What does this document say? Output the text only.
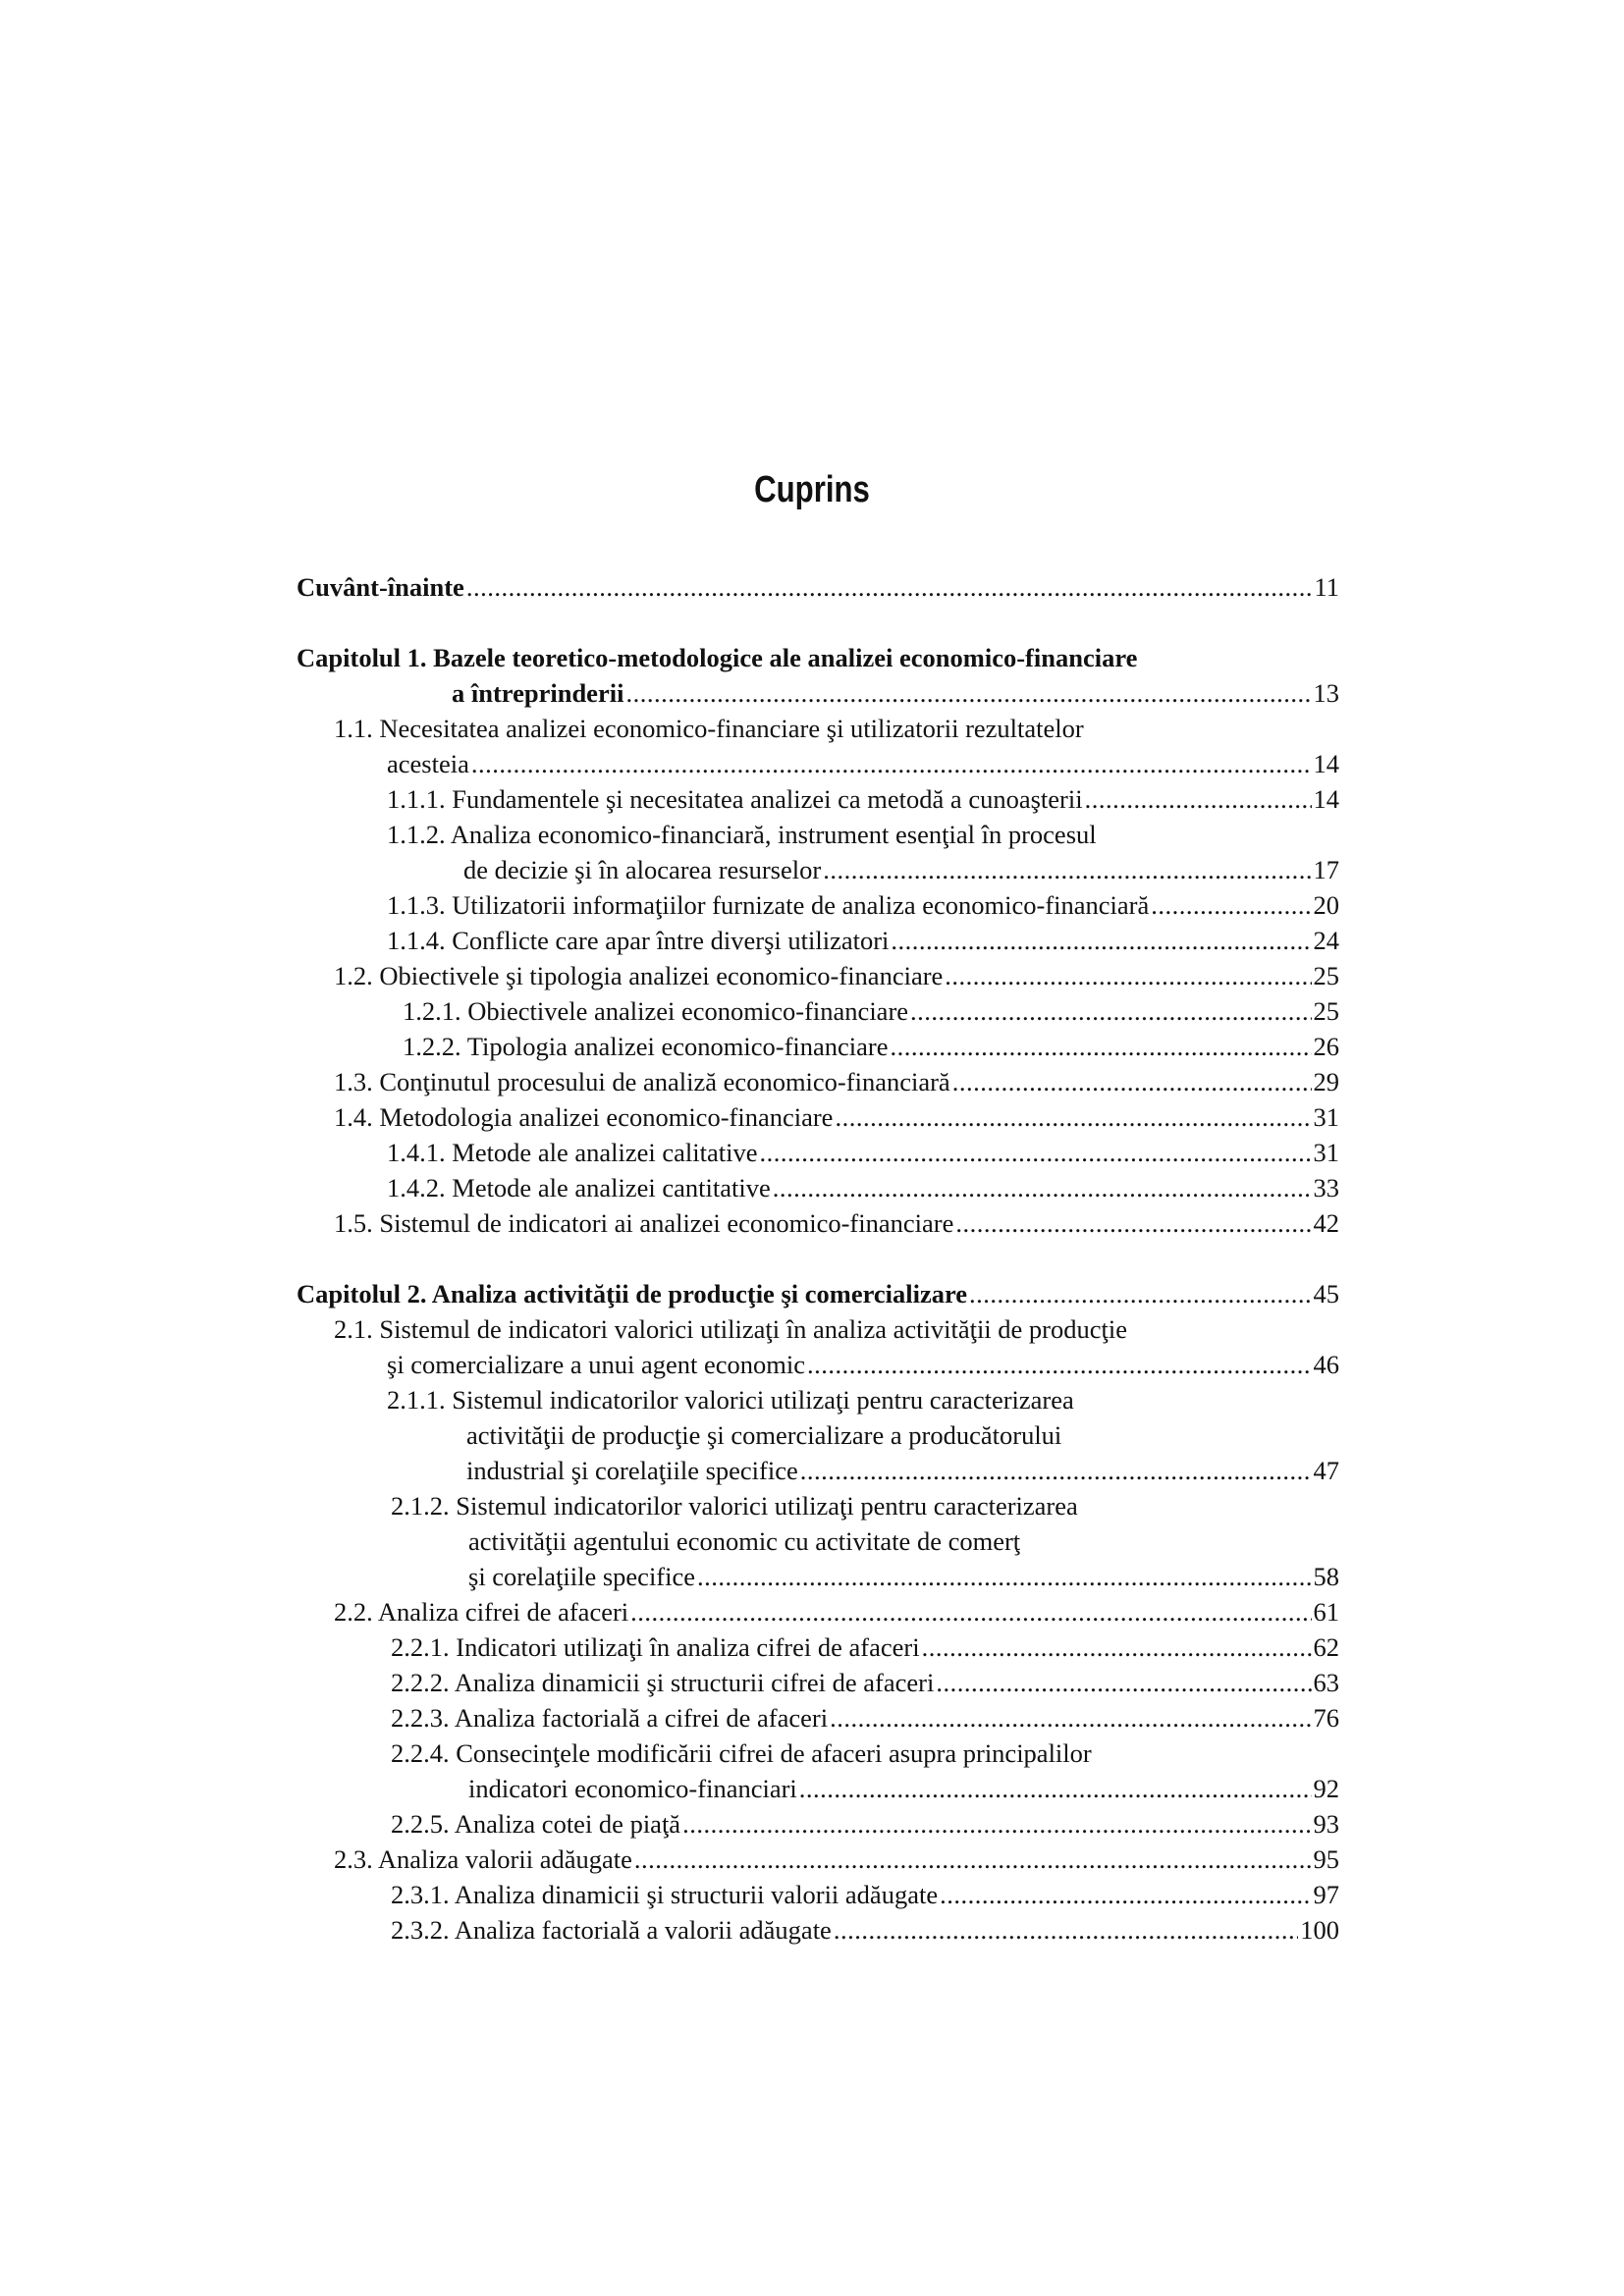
Cuprins
Cuvânt-înainte .....	11
Capitolul 1. Bazele teoretico-metodologice ale analizei economico-financiare
a întreprinderii .....	13
1.1. Necesitatea analizei economico-financiare şi utilizatorii rezultatelor
acesteia .....	14
1.1.1. Fundamentele şi necesitatea analizei ca metodă a cunoaşterii .....	14
1.1.2. Analiza economico-financiară, instrument esenţial în procesul
de decizie şi în alocarea resurselor .....	17
1.1.3. Utilizatorii informaţiilor furnizate de analiza economico-financiară .....	20
1.1.4. Conflicte care apar între diverşi utilizatori .....	24
1.2. Obiectivele şi tipologia analizei economico-financiare .....	25
1.2.1. Obiectivele analizei economico-financiare .....	25
1.2.2. Tipologia analizei economico-financiare .....	26
1.3. Conţinutul procesului de analiză economico-financiară .....	29
1.4. Metodologia analizei economico-financiare .....	31
1.4.1. Metode ale analizei calitative .....	31
1.4.2. Metode ale analizei cantitative .....	33
1.5. Sistemul de indicatori ai analizei economico-financiare .....	42
Capitolul 2. Analiza activităţii de producţie şi comercializare .....	45
2.1. Sistemul de indicatori valorici utilizaţi în analiza activităţii de producţie
şi comercializare a unui agent economic .....	46
2.1.1. Sistemul indicatorilor valorici utilizaţi pentru caracterizarea
activităţii de producţie şi comercializare a producătorului
industrial şi corelaţiile specifice .....	47
2.1.2. Sistemul indicatorilor valorici utilizaţi pentru caracterizarea
activităţii agentului economic cu activitate de comerţ
şi corelaţiile specifice .....	58
2.2. Analiza cifrei de afaceri .....	61
2.2.1. Indicatori utilizaţi în analiza cifrei de afaceri .....	62
2.2.2. Analiza dinamicii şi structurii cifrei de afaceri .....	63
2.2.3. Analiza factorială a cifrei de afaceri .....	76
2.2.4. Consecinţele modificării cifrei de afaceri asupra principalilor
indicatori economico-financiari .....	92
2.2.5. Analiza cotei de piaţă .....	93
2.3. Analiza valorii adăugate .....	95
2.3.1. Analiza dinamicii şi structurii valorii adăugate .....	97
2.3.2. Analiza factorială a valorii adăugate .....	100
